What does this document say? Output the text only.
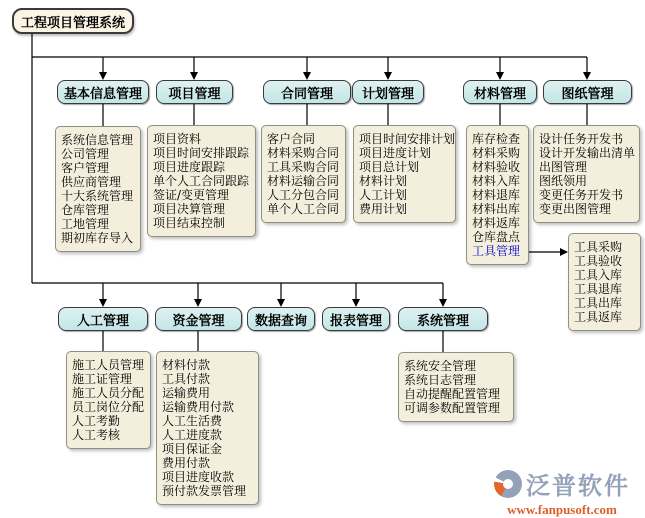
工程项目管理系统
基本信息管理	项目管理	合同管理	计划管理	材料管理	图纸管理
系统信息管理
公司管理
客户管理
供应商管理
十大系统管理
仓库管理
工地管理
期初库存导入
项目资料
项目时间安排跟踪
项目进度跟踪
单个人工合同跟踪
签证/变更管理
项目决算管理
项目结束控制
客户合同
材料采购合同
工具采购合同
材料运输合同
人工分包合同
单个人工合同
项目时间安排计划
项目进度计划
项目总计划
材料计划
人工计划
费用计划
库存检查
材料采购
材料验收
材料入库
材料退库
材料出库
材料返库
仓库盘点
工具管理
设计任务开发书
设计开发输出清单
出图管理
图纸领用
变更任务开发书
变更出图管理
工具采购
工具验收
工具入库
工具退库
工具出库
工具返库
人工管理	资金管理	数据查询	报表管理	系统管理
施工人员管理
施工证管理
施工人员分配
员工岗位分配
人工考勤
人工考核
材料付款
工具付款
运输费用
运输费用付款
人工生活费
人工进度款
项目保证金
费用付款
项目进度收款
预付款发票管理
系统安全管理
系统日志管理
自动提醒配置管理
可调参数配置管理
泛普软件
www.fanpusoft.com
